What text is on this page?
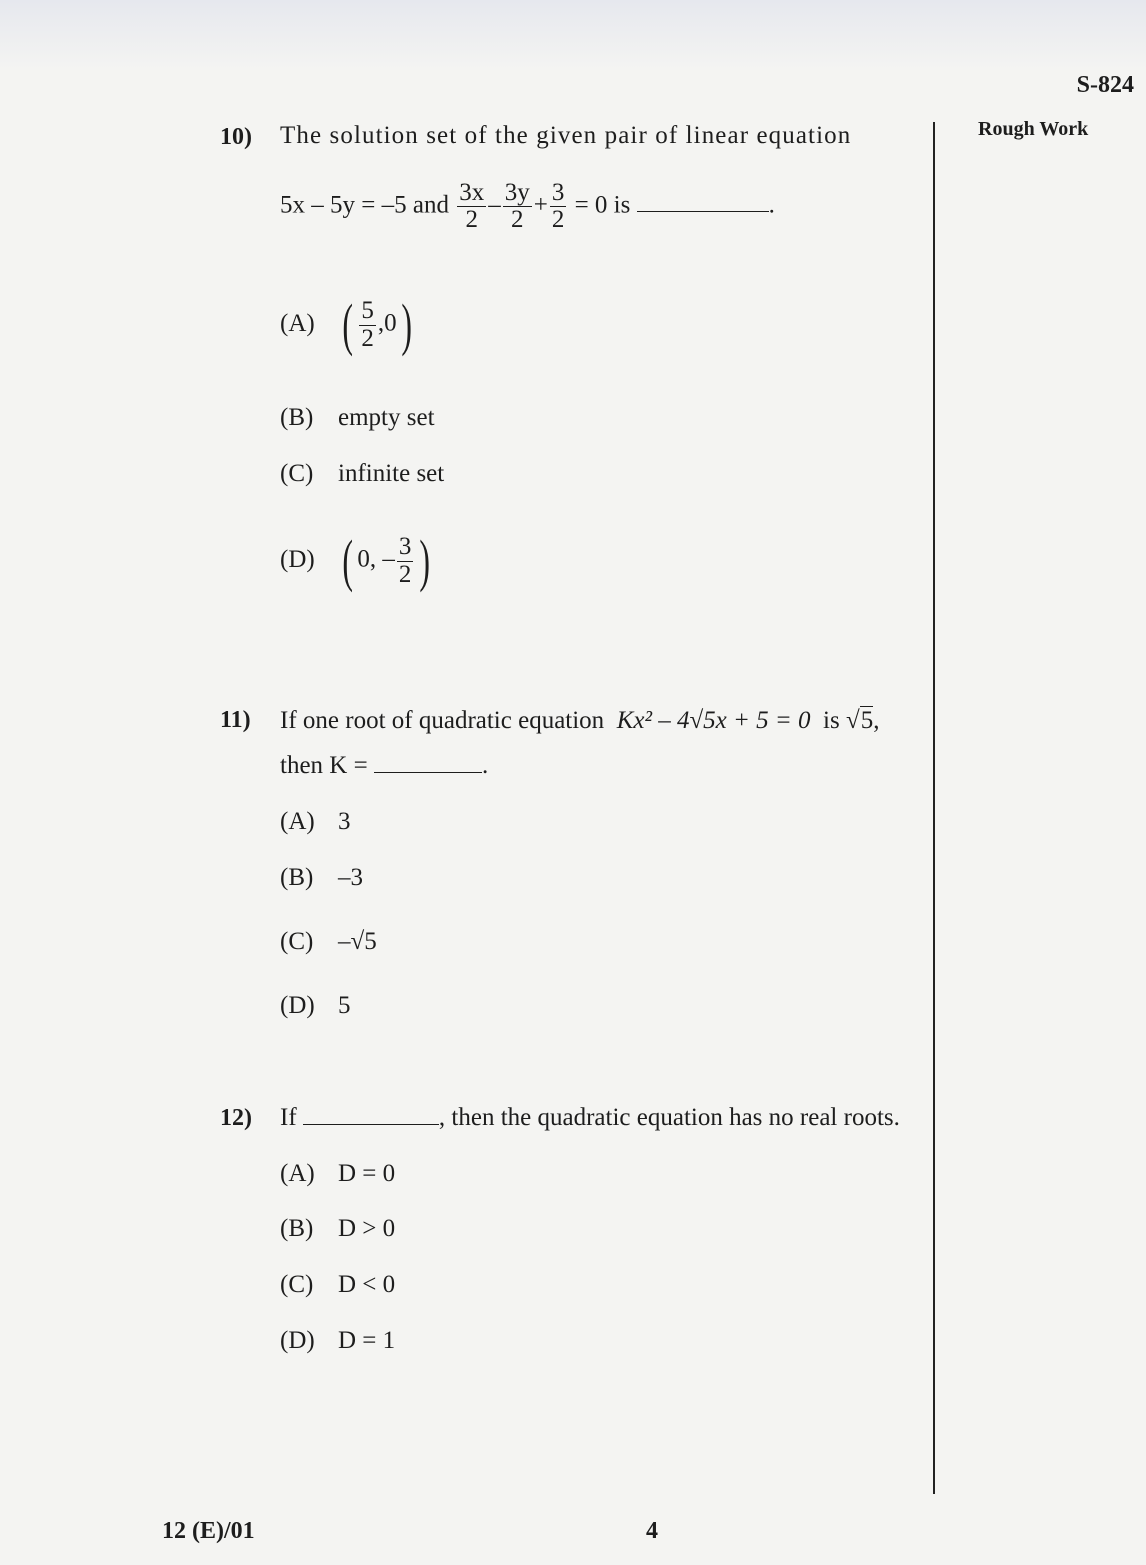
S-824
Rough Work
10) The solution set of the given pair of linear equation
5x – 5y = –5 and $\frac{3x}{2} - \frac{3y}{2} + \frac{3}{2} = 0$ is	.
(A) ( $\frac{5}{2} ,0$)
(B) empty set
(C) infinite set
(D) ( 0, – $\frac{3}{2}$ )
11) If one root of quadratic equation Kx² – 4√5x + 5 = 0 is √5,
then K =	.
(A) 3
(B) –3
(C) –√5
(D) 5
12) If	, then the quadratic equation has no real roots.
(A) D = 0
(B) D > 0
(C) D < 0
(D) D = 1
12 (E)/01	4
